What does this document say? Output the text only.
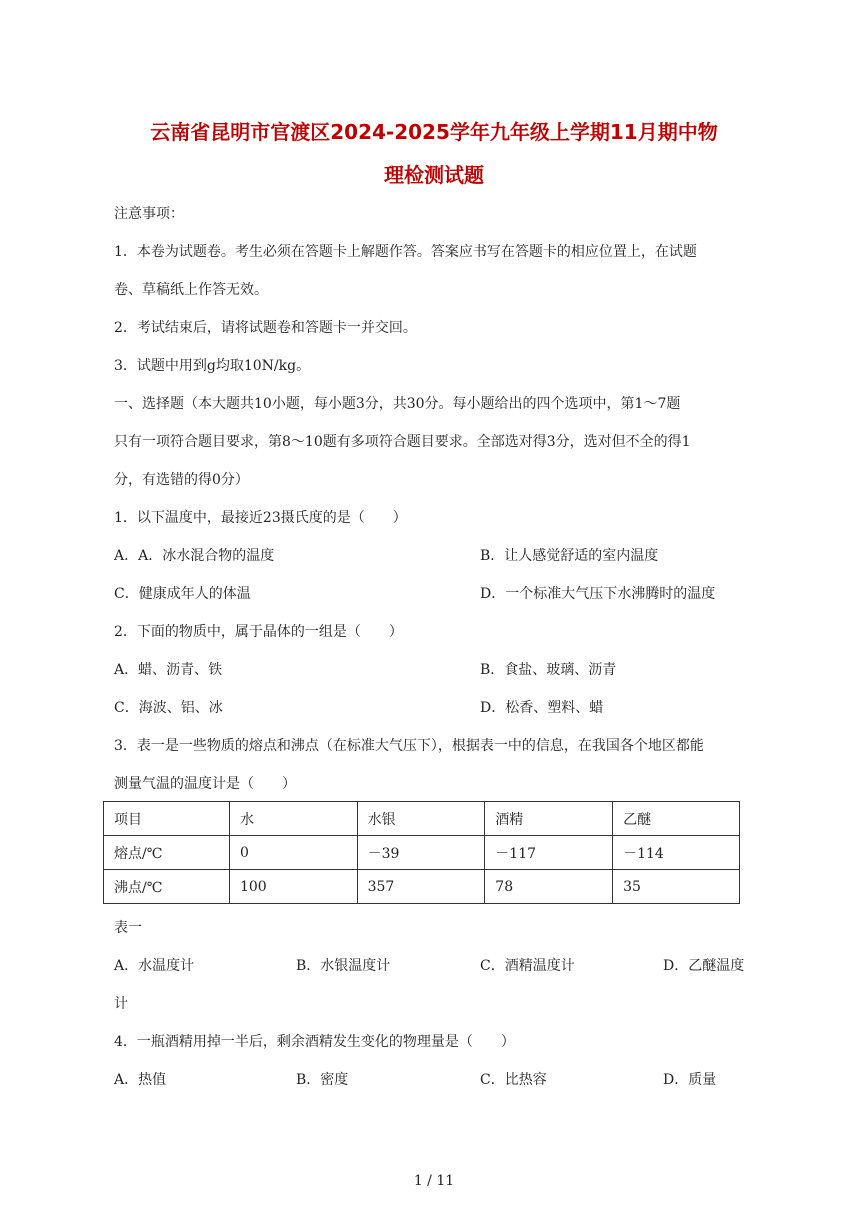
云南省昆明市官渡区2024-2025学年九年级上学期11月期中物
理检测试题
注意事项：
1．本卷为试题卷。考生必须在答题卡上解题作答。答案应书写在答题卡的相应位置上，在试题
卷、草稿纸上作答无效。
2．考试结束后，请将试题卷和答题卡一并交回。
3．试题中用到g均取10N/kg。
一、选择题（本大题共10小题，每小题3分，共30分。每小题给出的四个选项中，第1～7题
只有一项符合题目要求，第8～10题有多项符合题目要求。全部选对得3分，选对但不全的得1
分，有选错的得0分）
1．以下温度中，最接近23摄氏度的是（　　）
A．A．冰水混合物的温度	B．让人感觉舒适的室内温度
C．健康成年人的体温	D．一个标准大气压下水沸腾时的温度
2．下面的物质中，属于晶体的一组是（　　）
A．蜡、沥青、铁	B．食盐、玻璃、沥青
C．海波、铝、冰	D．松香、塑料、蜡
3．表一是一些物质的熔点和沸点（在标准大气压下），根据表一中的信息，在我国各个地区都能
测量气温的温度计是（　　）
项目	水	水银	酒精	乙醚
熔点/℃	0	－39	－117	－114
沸点/℃	100	357	78	35
表一
A．水温度计	B．水银温度计	C．酒精温度计	D．乙醚温度
计
4．一瓶酒精用掉一半后，剩余酒精发生变化的物理量是（　　）
A．热值	B．密度	C．比热容	D．质量
1 / 11
